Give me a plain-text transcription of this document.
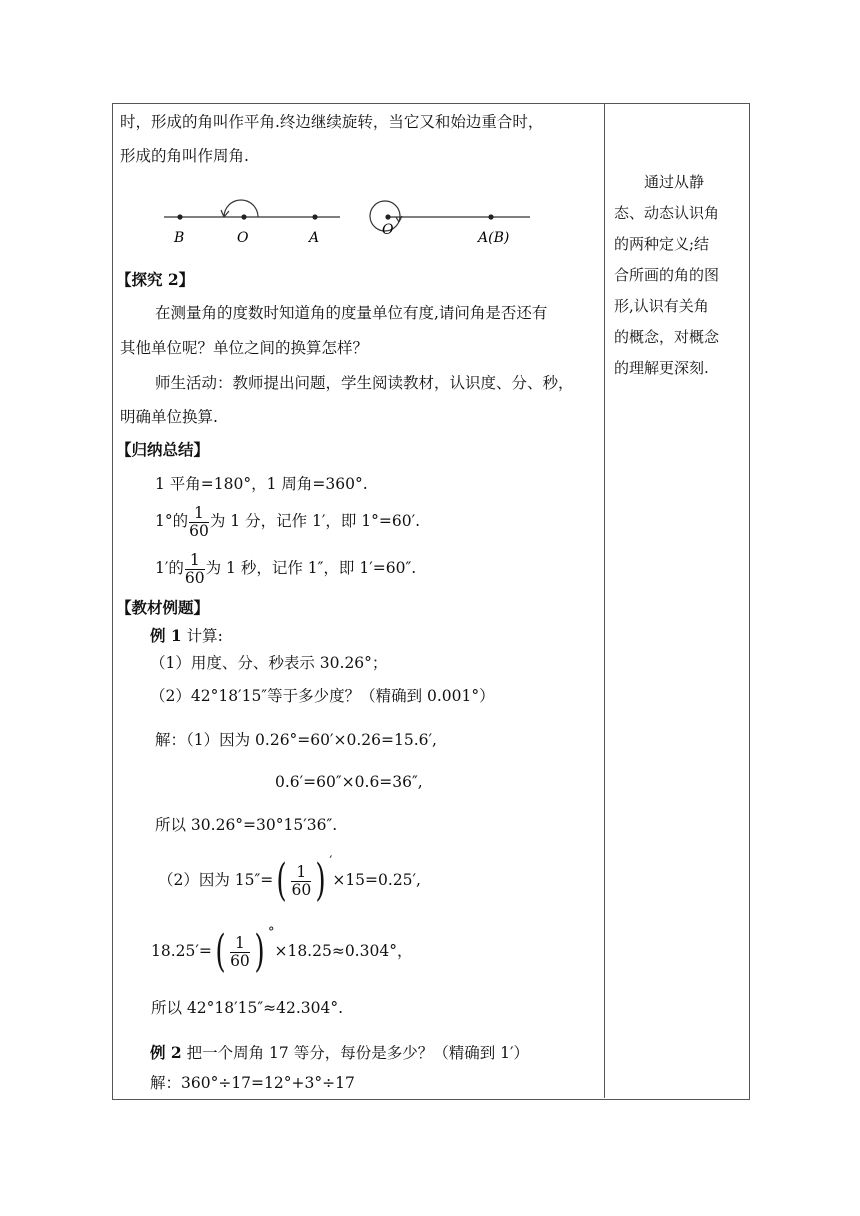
时，形成的角叫作平角.终边继续旋转，当它又和始边重合时，
形成的角叫作周角.
B	O	A	O	A(B)
【探究 2】
在测量角的度数时知道角的度量单位有度,请问角是否还有
其他单位呢？单位之间的换算怎样？
师生活动：教师提出问题，学生阅读教材，认识度、分、秒，
明确单位换算.
【归纳总结】
1 平角=180°，1 周角=360°.
1°的 $\frac{1}{60}$ 为 1 分，记作 1′，即 1°=60′.
1′的 $\frac{1}{60}$ 为 1 秒，记作 1″，即 1′=60″.
【教材例题】
例 1 计算:
（1）用度、分、秒表示 30.26°；
（2）42°18′15″等于多少度？（精确到 0.001°）
解：（1）因为 0.26°=60′×0.26=15.6′,
0.6′=60″×0.6=36″,
所以 30.26°=30°15′36″.
（2）因为 $15''=( \frac{1}{60}$ ) ′×15=0.25′,
$18.25'=( \frac{1}{60}$ ) °×18.25≈0.304°，
所以 42°18′15″≈42.304°.
例 2 把一个周角 17 等分，每份是多少？（精确到 1′）
解：360°÷17=12°+3°÷17
　　通过从静
态、动态认识角
的两种定义;结
合所画的角的图
形,认识有关角
的概念，对概念
的理解更深刻.
